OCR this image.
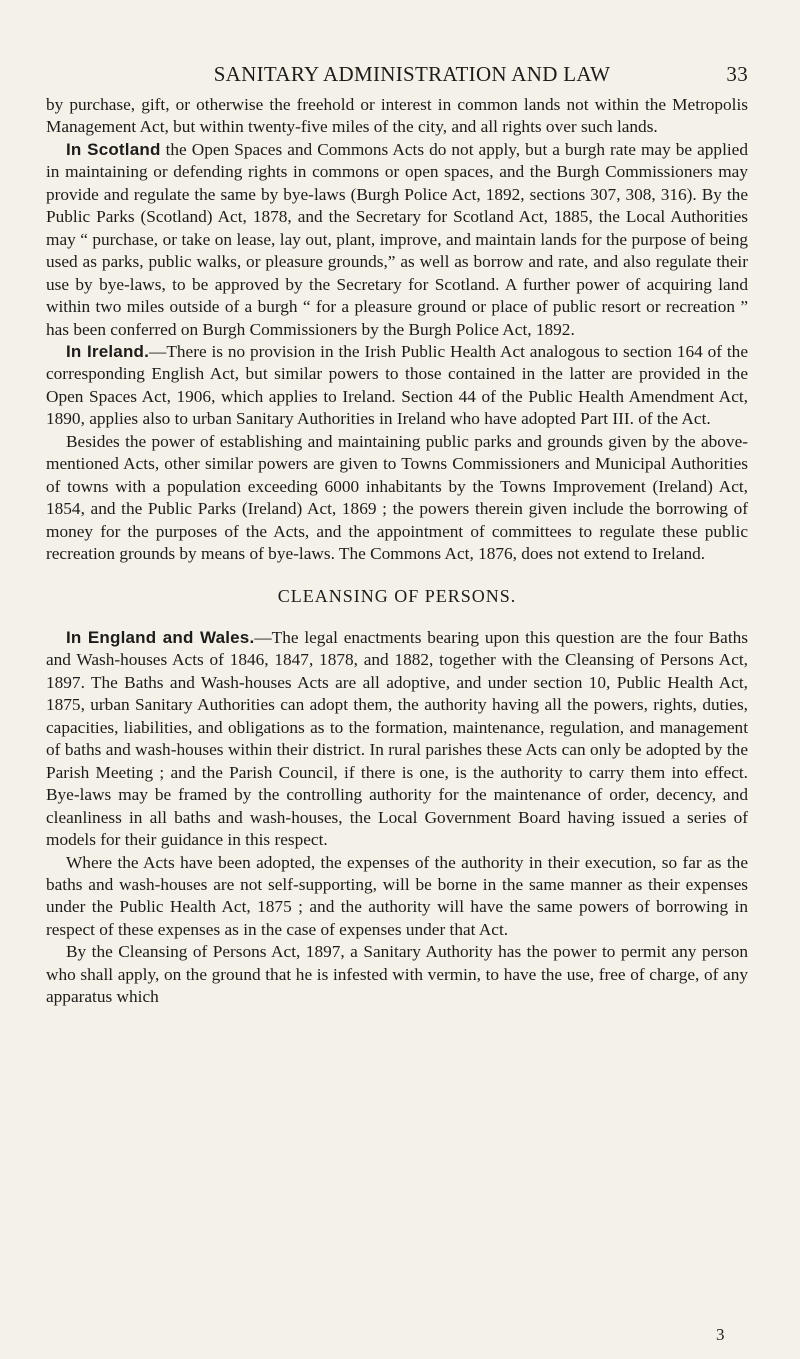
SANITARY ADMINISTRATION AND LAW	33

by purchase, gift, or otherwise the freehold or interest in common lands not within the Metropolis Management Act, but within twenty-five miles of the city, and all rights over such lands.

In Scotland the Open Spaces and Commons Acts do not apply, but a burgh rate may be applied in maintaining or defending rights in commons or open spaces, and the Burgh Commissioners may provide and regulate the same by bye-laws (Burgh Police Act, 1892, sections 307, 308, 316). By the Public Parks (Scotland) Act, 1878, and the Secretary for Scotland Act, 1885, the Local Authorities may “ purchase, or take on lease, lay out, plant, improve, and maintain lands for the purpose of being used as parks, public walks, or pleasure grounds,” as well as borrow and rate, and also regulate their use by bye-laws, to be approved by the Secretary for Scotland. A further power of acquiring land within two miles outside of a burgh “ for a pleasure ground or place of public resort or recreation ” has been conferred on Burgh Commissioners by the Burgh Police Act, 1892.

In Ireland.—There is no provision in the Irish Public Health Act analogous to section 164 of the corresponding English Act, but similar powers to those contained in the latter are provided in the Open Spaces Act, 1906, which applies to Ireland. Section 44 of the Public Health Amendment Act, 1890, applies also to urban Sanitary Authorities in Ireland who have adopted Part III. of the Act.

Besides the power of establishing and maintaining public parks and grounds given by the above-mentioned Acts, other similar powers are given to Towns Commissioners and Municipal Authorities of towns with a population exceeding 6000 inhabitants by the Towns Improvement (Ireland) Act, 1854, and the Public Parks (Ireland) Act, 1869 ; the powers therein given include the borrowing of money for the purposes of the Acts, and the appointment of committees to regulate these public recreation grounds by means of bye-laws. The Commons Act, 1876, does not extend to Ireland.

CLEANSING OF PERSONS.

In England and Wales.—The legal enactments bearing upon this question are the four Baths and Wash-houses Acts of 1846, 1847, 1878, and 1882, together with the Cleansing of Persons Act, 1897. The Baths and Wash-houses Acts are all adoptive, and under section 10, Public Health Act, 1875, urban Sanitary Authorities can adopt them, the authority having all the powers, rights, duties, capacities, liabilities, and obligations as to the formation, maintenance, regulation, and management of baths and wash-houses within their district. In rural parishes these Acts can only be adopted by the Parish Meeting ; and the Parish Council, if there is one, is the authority to carry them into effect. Bye-laws may be framed by the controlling authority for the maintenance of order, decency, and cleanliness in all baths and wash-houses, the Local Government Board having issued a series of models for their guidance in this respect.

Where the Acts have been adopted, the expenses of the authority in their execution, so far as the baths and wash-houses are not self-supporting, will be borne in the same manner as their expenses under the Public Health Act, 1875 ; and the authority will have the same powers of borrowing in respect of these expenses as in the case of expenses under that Act.

By the Cleansing of Persons Act, 1897, a Sanitary Authority has the power to permit any person who shall apply, on the ground that he is infested with vermin, to have the use, free of charge, of any apparatus which

3
